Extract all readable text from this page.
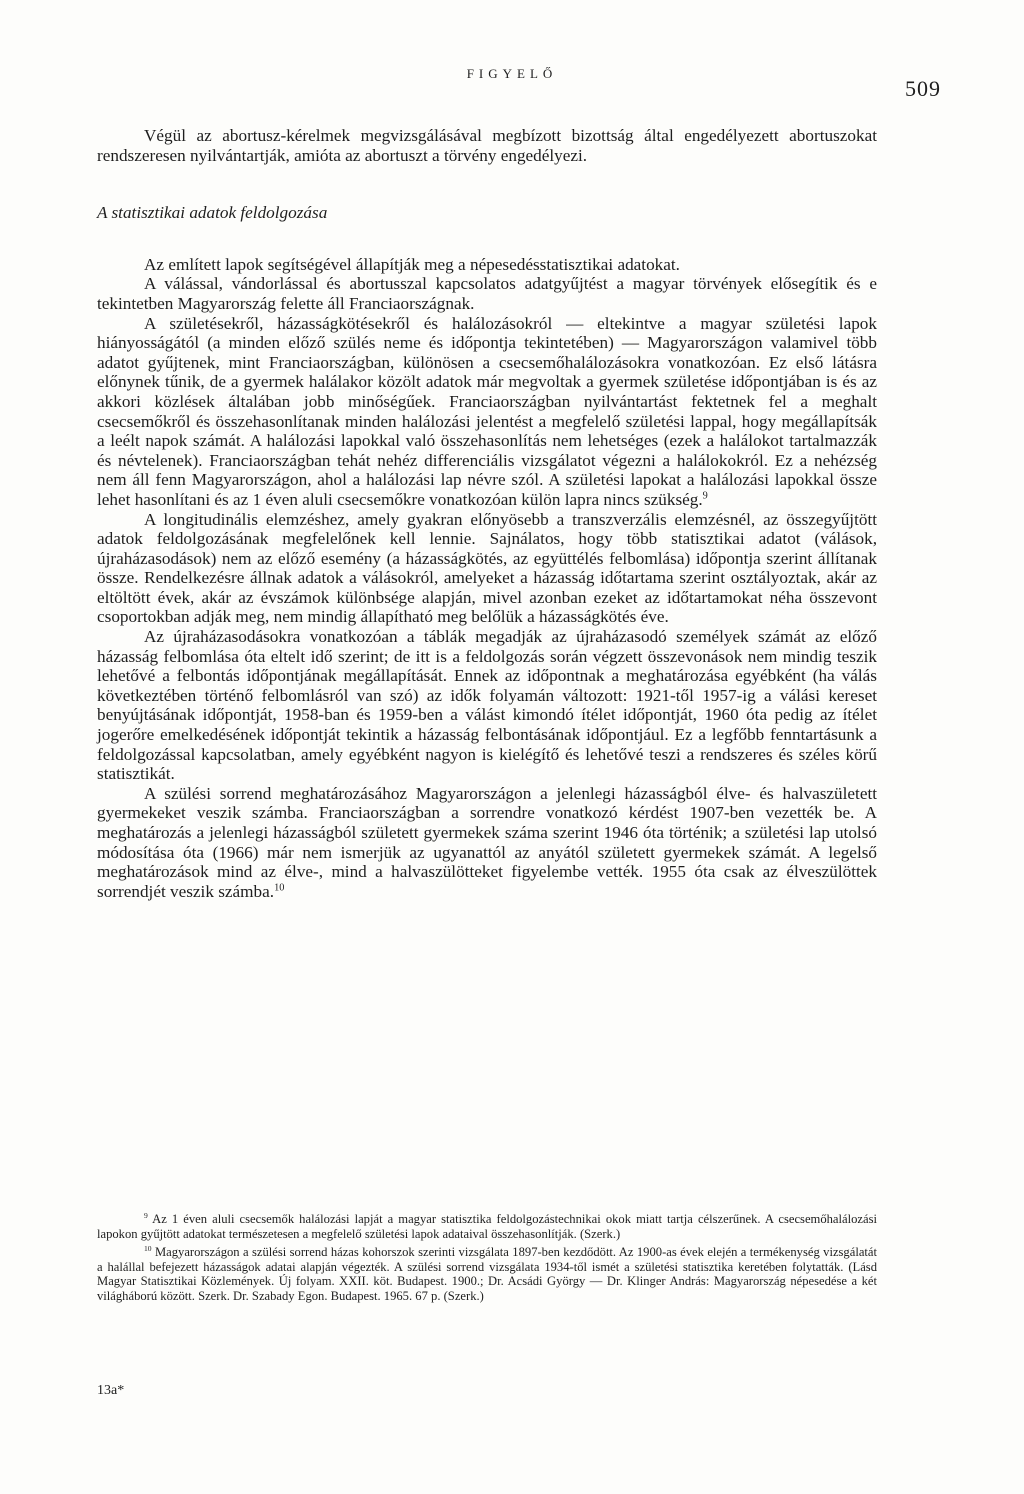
FIGYELŐ
509

Végül az abortusz-kérelmek megvizsgálásával megbízott bizottság által engedélyezett abortuszokat rendszeresen nyilvántartják, amióta az abortuszt a törvény engedélyezi.

A statisztikai adatok feldolgozása

Az említett lapok segítségével állapítják meg a népesedésstatisztikai adatokat.

A válással, vándorlással és abortusszal kapcsolatos adatgyűjtést a magyar törvények elősegítik és e tekintetben Magyarország felette áll Franciaországnak.

A születésekről, házasságkötésekről és halálozásokról — eltekintve a magyar születési lapok hiányosságától (a minden előző szülés neme és időpontja tekintetében) — Magyarországon valamivel több adatot gyűjtenek, mint Franciaországban, különösen a csecsemőhalálozásokra vonatkozóan. Ez első látásra előnynek tűnik, de a gyermek halálakor közölt adatok már megvoltak a gyermek születése időpontjában is és az akkori közlések általában jobb minőségűek. Franciaországban nyilvántartást fektetnek fel a meghalt csecsemőkről és összehasonlítanak minden halálozási jelentést a megfelelő születési lappal, hogy megállapítsák a leélt napok számát. A halálozási lapokkal való összehasonlítás nem lehetséges (ezek a halálokot tartalmazzák és névtelenek). Franciaországban tehát nehéz differenciális vizsgálatot végezni a halálokokról. Ez a nehézség nem áll fenn Magyarországon, ahol a halálozási lap névre szól. A születési lapokat a halálozási lapokkal össze lehet hasonlítani és az 1 éven aluli csecsemőkre vonatkozóan külön lapra nincs szükség.$^9$

A longitudinális elemzéshez, amely gyakran előnyösebb a transzverzális elemzésnél, az összegyűjtött adatok feldolgozásának megfelelőnek kell lennie. Sajnálatos, hogy több statisztikai adatot (válások, újraházasodások) nem az előző esemény (a házasságkötés, az együttélés felbomlása) időpontja szerint állítanak össze. Rendelkezésre állnak adatok a válásokról, amelyeket a házasság időtartama szerint osztályoztak, akár az eltöltött évek, akár az évszámok különbsége alapján, mivel azonban ezeket az időtartamokat néha összevont csoportokban adják meg, nem mindig állapítható meg belőlük a házasságkötés éve.

Az újraházasodásokra vonatkozóan a táblák megadják az újraházasodó személyek számát az előző házasság felbomlása óta eltelt idő szerint; de itt is a feldolgozás során végzett összevonások nem mindig teszik lehetővé a felbontás időpontjának megállapítását. Ennek az időpontnak a meghatározása egyébként (ha válás következtében történő felbomlásról van szó) az idők folyamán változott: 1921-től 1957-ig a válási kereset benyújtásának időpontját, 1958-ban és 1959-ben a válást kimondó ítélet időpontját, 1960 óta pedig az ítélet jogerőre emelkedésének időpontját tekintik a házasság felbontásának időpontjául. Ez a legfőbb fenntartásunk a feldolgozással kapcsolatban, amely egyébként nagyon is kielégítő és lehetővé teszi a rendszeres és széles körű statisztikát.

A szülési sorrend meghatározásához Magyarországon a jelenlegi házasságból élve- és halvaszületett gyermekeket veszik számba. Franciaországban a sorrendre vonatkozó kérdést 1907-ben vezették be. A meghatározás a jelenlegi házasságból született gyermekek száma szerint 1946 óta történik; a születési lap utolsó módosítása óta (1966) már nem ismerjük az ugyanattól az anyától született gyermekek számát. A legelső meghatározások mind az élve-, mind a halvaszülötteket figyelembe vették. 1955 óta csak az élveszülöttek sorrendjét veszik számba.$^{10}$

$^9$ Az 1 éven aluli csecsemők halálozási lapját a magyar statisztika feldolgozástechnikai okok miatt tartja célszerűnek. A csecsemőhalálozási lapokon gyűjtött adatokat természetesen a megfelelő születési lapok adataival összehasonlítják. (Szerk.)

$^{10}$ Magyarországon a szülési sorrend házas kohorszok szerinti vizsgálata 1897-ben kezdődött. Az 1900-as évek elején a termékenység vizsgálatát a halállal befejezett házasságok adatai alapján végezték. A szülési sorrend vizsgálata 1934-től ismét a születési statisztika keretében folytatták. (Lásd Magyar Statisztikai Közlemények. Új folyam. XXII. köt. Budapest. 1900.; Dr. Acsádi György — Dr. Klinger András: Magyarország népesedése a két világháború között. Szerk. Dr. Szabady Egon. Budapest. 1965. 67 p. (Szerk.)

13a*
